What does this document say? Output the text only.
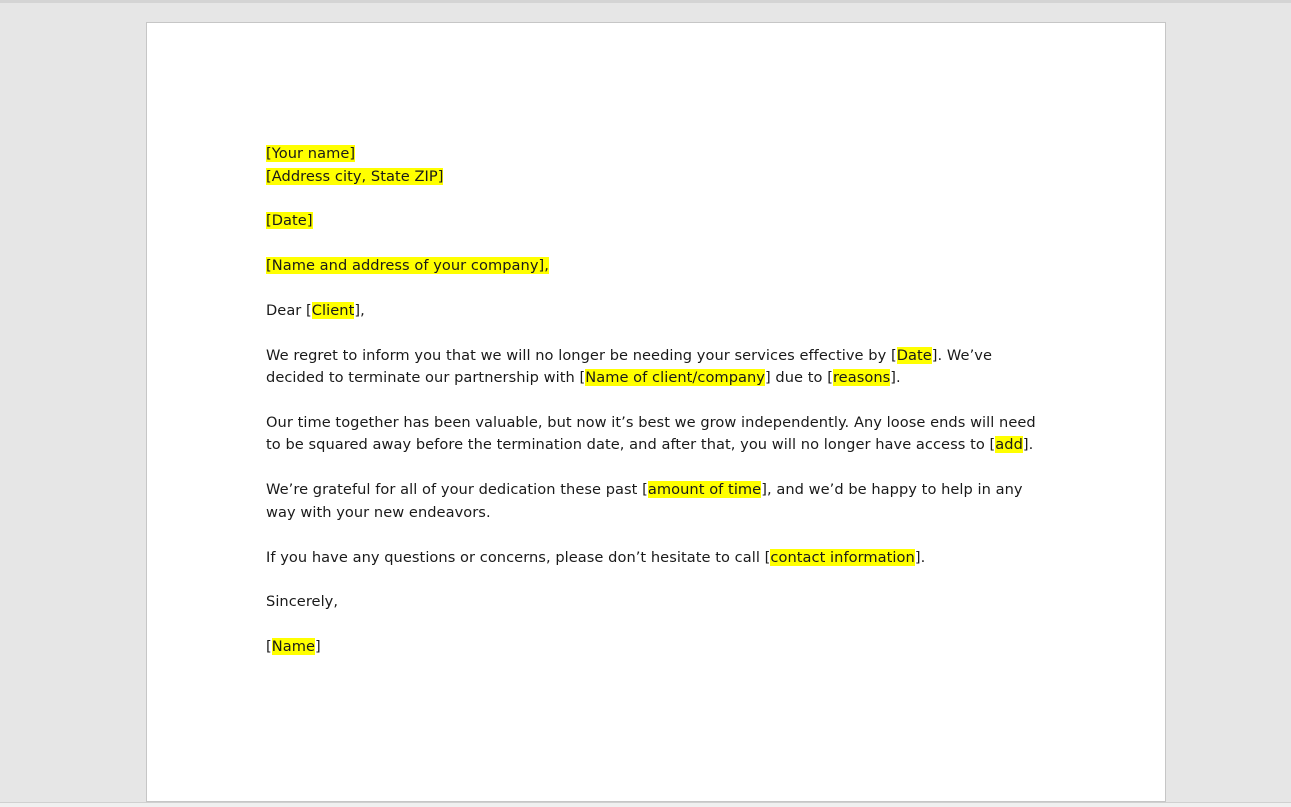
[Your name]
[Address city, State ZIP]
[Date]
[Name and address of your company],
Dear [Client],
We regret to inform you that we will no longer be needing your services effective by [Date]. We’ve
decided to terminate our partnership with [Name of client/company] due to [reasons].
Our time together has been valuable, but now it’s best we grow independently. Any loose ends will need
to be squared away before the termination date, and after that, you will no longer have access to [add].
We’re grateful for all of your dedication these past [amount of time], and we’d be happy to help in any
way with your new endeavors.
If you have any questions or concerns, please don’t hesitate to call [contact information].
Sincerely,
[Name]
